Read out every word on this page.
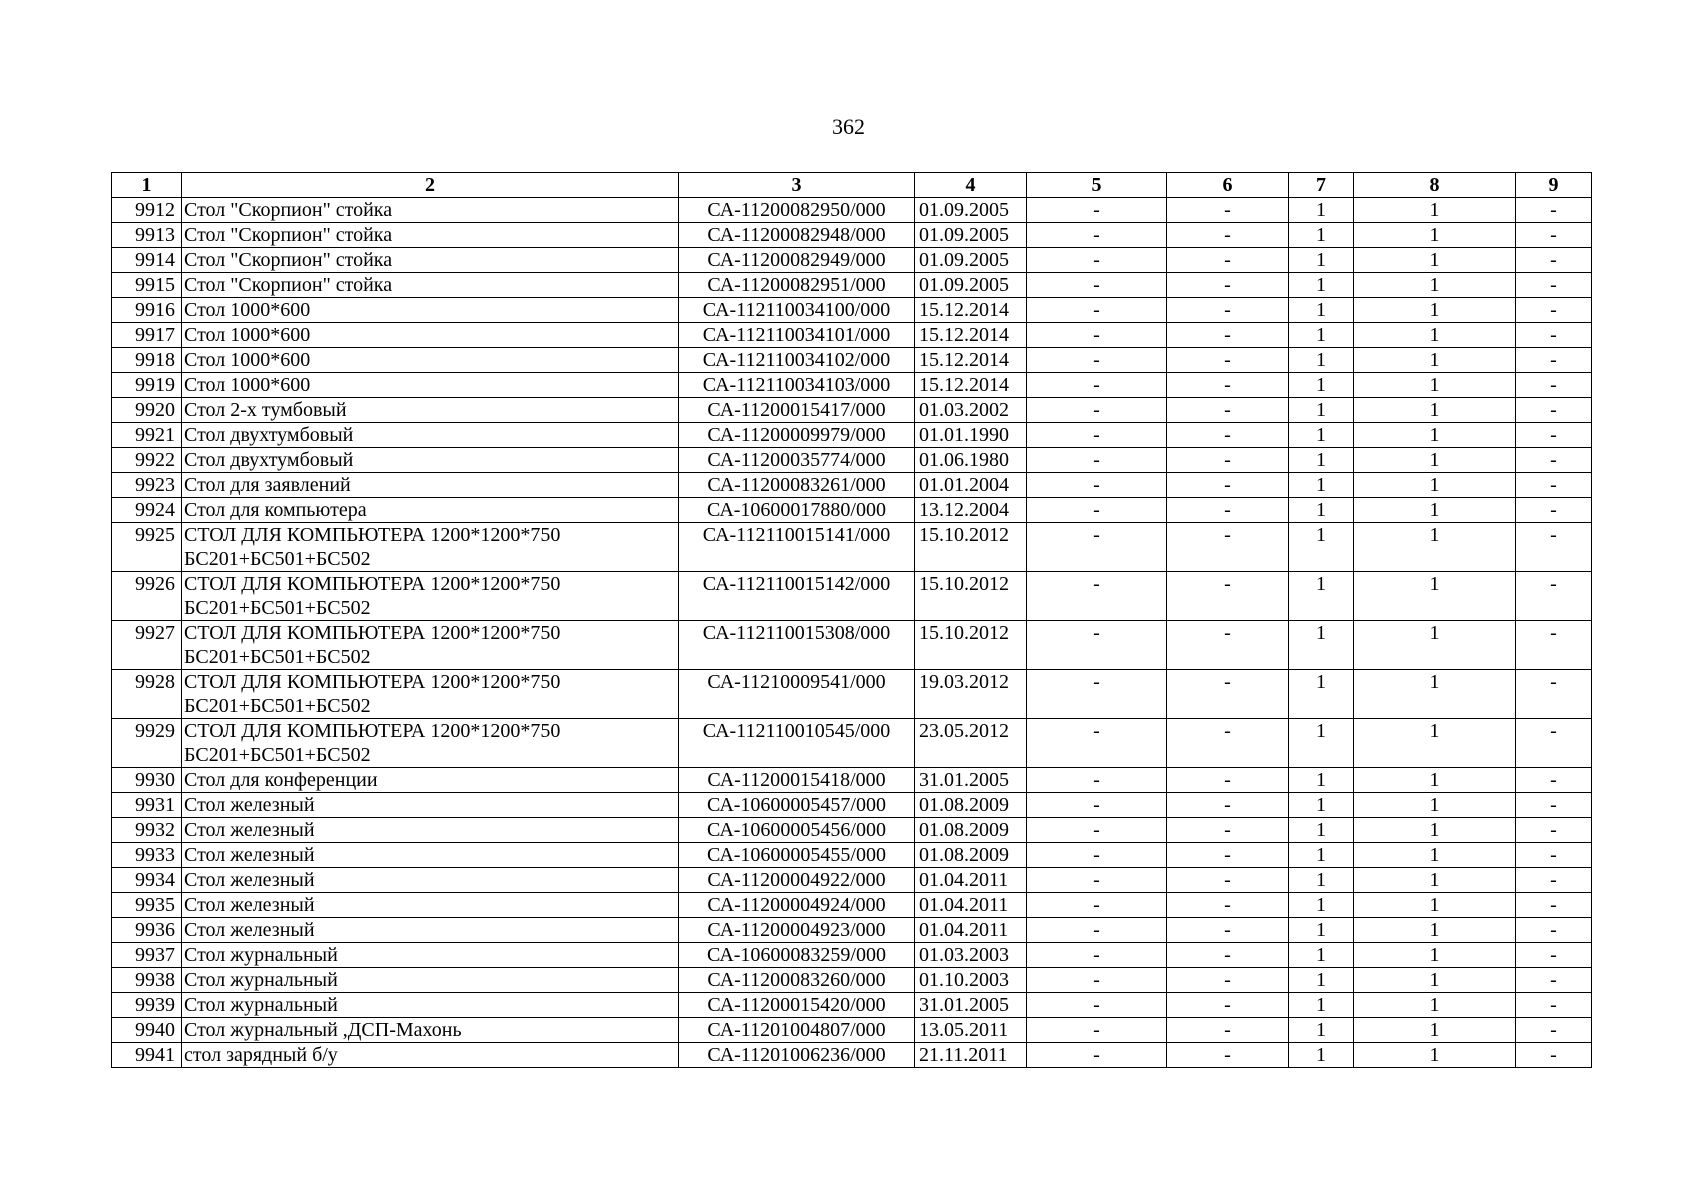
362
1	2	3	4	5	6	7	8	9
9912	Стол "Скорпион" стойка	СА-11200082950/000	01.09.2005	-	-	1	1	-
9913	Стол "Скорпион" стойка	СА-11200082948/000	01.09.2005	-	-	1	1	-
9914	Стол "Скорпион" стойка	СА-11200082949/000	01.09.2005	-	-	1	1	-
9915	Стол "Скорпион" стойка	СА-11200082951/000	01.09.2005	-	-	1	1	-
9916	Стол 1000*600	СА-112110034100/000	15.12.2014	-	-	1	1	-
9917	Стол 1000*600	СА-112110034101/000	15.12.2014	-	-	1	1	-
9918	Стол 1000*600	СА-112110034102/000	15.12.2014	-	-	1	1	-
9919	Стол 1000*600	СА-112110034103/000	15.12.2014	-	-	1	1	-
9920	Стол 2-х тумбовый	СА-11200015417/000	01.03.2002	-	-	1	1	-
9921	Стол двухтумбовый	СА-11200009979/000	01.01.1990	-	-	1	1	-
9922	Стол двухтумбовый	СА-11200035774/000	01.06.1980	-	-	1	1	-
9923	Стол для заявлений	СА-11200083261/000	01.01.2004	-	-	1	1	-
9924	Стол для компьютера	СА-10600017880/000	13.12.2004	-	-	1	1	-
9925	СТОЛ ДЛЯ КОМПЬЮТЕРА 1200*1200*750 БС201+БС501+БС502	СА-112110015141/000	15.10.2012	-	-	1	1	-
9926	СТОЛ ДЛЯ КОМПЬЮТЕРА 1200*1200*750 БС201+БС501+БС502	СА-112110015142/000	15.10.2012	-	-	1	1	-
9927	СТОЛ ДЛЯ КОМПЬЮТЕРА 1200*1200*750 БС201+БС501+БС502	СА-112110015308/000	15.10.2012	-	-	1	1	-
9928	СТОЛ ДЛЯ КОМПЬЮТЕРА 1200*1200*750 БС201+БС501+БС502	СА-11210009541/000	19.03.2012	-	-	1	1	-
9929	СТОЛ ДЛЯ КОМПЬЮТЕРА 1200*1200*750 БС201+БС501+БС502	СА-112110010545/000	23.05.2012	-	-	1	1	-
9930	Стол для конференции	СА-11200015418/000	31.01.2005	-	-	1	1	-
9931	Стол железный	СА-10600005457/000	01.08.2009	-	-	1	1	-
9932	Стол железный	СА-10600005456/000	01.08.2009	-	-	1	1	-
9933	Стол железный	СА-10600005455/000	01.08.2009	-	-	1	1	-
9934	Стол железный	СА-11200004922/000	01.04.2011	-	-	1	1	-
9935	Стол железный	СА-11200004924/000	01.04.2011	-	-	1	1	-
9936	Стол железный	СА-11200004923/000	01.04.2011	-	-	1	1	-
9937	Стол журнальный	СА-10600083259/000	01.03.2003	-	-	1	1	-
9938	Стол журнальный	СА-11200083260/000	01.10.2003	-	-	1	1	-
9939	Стол журнальный	СА-11200015420/000	31.01.2005	-	-	1	1	-
9940	Стол журнальный ,ДСП-Махонь	СА-11201004807/000	13.05.2011	-	-	1	1	-
9941	стол зарядный б/у	СА-11201006236/000	21.11.2011	-	-	1	1	-
